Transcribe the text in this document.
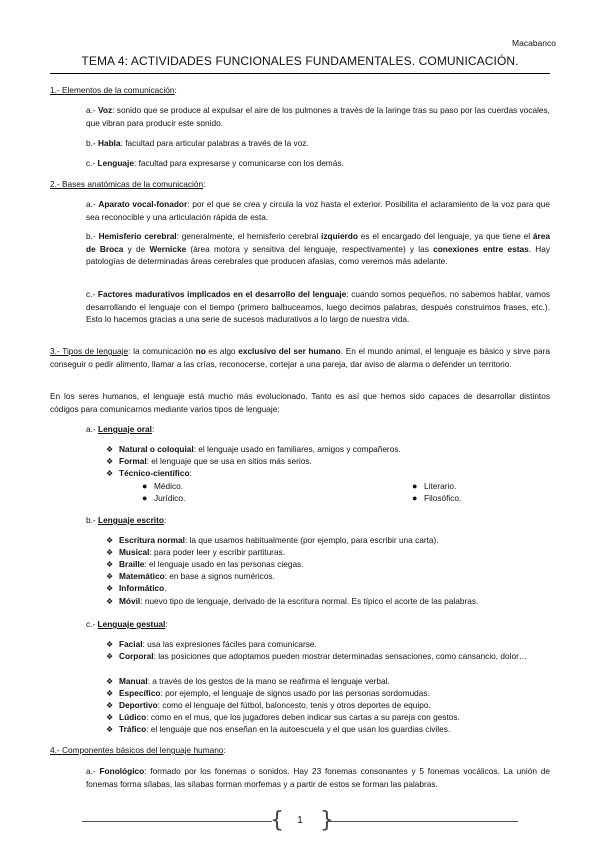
Macabanco
TEMA 4: ACTIVIDADES FUNCIONALES FUNDAMENTALES. COMUNICACIÓN.
1.- Elementos de la comunicación:
a.- Voz: sonido que se produce al expulsar el aire de los pulmones a través de la laringe tras su paso por las cuerdas vocales, que vibran para producir este sonido.
b.- Habla: facultad para articular palabras a través de la voz.
c.- Lenguaje: facultad para expresarse y comunicarse con los demás.
2.- Bases anatómicas de la comunicación:
a.- Aparato vocal-fonador: por el que se crea y circula la voz hasta el exterior. Posibilita el aclaramiento de la voz para que sea reconocible y una articulación rápida de esta.
b.- Hemisferio cerebral: generalmente, el hemisferio cerebral izquierdo es el encargado del lenguaje, ya que tiene el área de Broca y de Wernicke (área motora y sensitiva del lenguaje, respectivamente) y las conexiones entre estas. Hay patologías de determinadas áreas cerebrales que producen afasias, como veremos más adelante.
c.- Factores madurativos implicados en el desarrollo del lenguaje: cuando somos pequeños, no sabemos hablar, vamos desarrollando el lenguaje con el tiempo (primero balbuceamos, luego decimos palabras, después construimos frases, etc.). Esto lo hacemos gracias a una serie de sucesos madurativos a lo largo de nuestra vida.
3.- Tipos de lenguaje: la comunicación no es algo exclusivo del ser humano. En el mundo animal, el lenguaje es básico y sirve para conseguir o pedir alimento, llamar a las crías, reconocerse, cortejar a una pareja, dar aviso de alarma o defender un territorio.
En los seres humanos, el lenguaje está mucho más evolucionado. Tanto es así que hemos sido capaces de desarrollar distintos códigos para comunicarnos mediante varios tipos de lenguaje:
a.- Lenguaje oral:
❖ Natural o coloquial: el lenguaje usado en familiares, amigos y compañeros.
❖ Formal: el lenguaje que se usa en sitios más serios.
❖ Técnico-científico:
● Médico.
● Jurídico.
● Literario.
● Filosófico.
b.- Lenguaje escrito:
❖ Escritura normal: la que usamos habitualmente (por ejemplo, para escribir una carta).
❖ Musical: para poder leer y escribir partituras.
❖ Braille: el lenguaje usado en las personas ciegas.
❖ Matemático: en base a signos numéricos.
❖ Informático.
❖ Móvil: nuevo tipo de lenguaje, derivado de la escritura normal. Es típico el acorte de las palabras.
c.- Lenguaje gestual:
❖ Facial: usa las expresiones fáciles para comunicarse.
❖ Corporal: las posiciones que adoptamos pueden mostrar determinadas sensaciones, como cansancio, dolor…
❖ Manual: a través de los gestos de la mano se reafirma el lenguaje verbal.
❖ Específico: por ejemplo, el lenguaje de signos usado por las personas sordomudas.
❖ Deportivo: como el lenguaje del fútbol, baloncesto, tenis y otros deportes de equipo.
❖ Lúdico: como en el mus, que los jugadores deben indicar sus cartas a su pareja con gestos.
❖ Tráfico: el lenguaje que nos enseñan en la autoescuela y el que usan los guardias civiles.
4.- Componentes básicos del lenguaje humano:
a.- Fonológico: formado por los fonemas o sonidos. Hay 23 fonemas consonantes y 5 fonemas vocálicos. La unión de fonemas forma sílabas, las sílabas forman morfemas y a partir de estos se forman las palabras.
{ }
1
